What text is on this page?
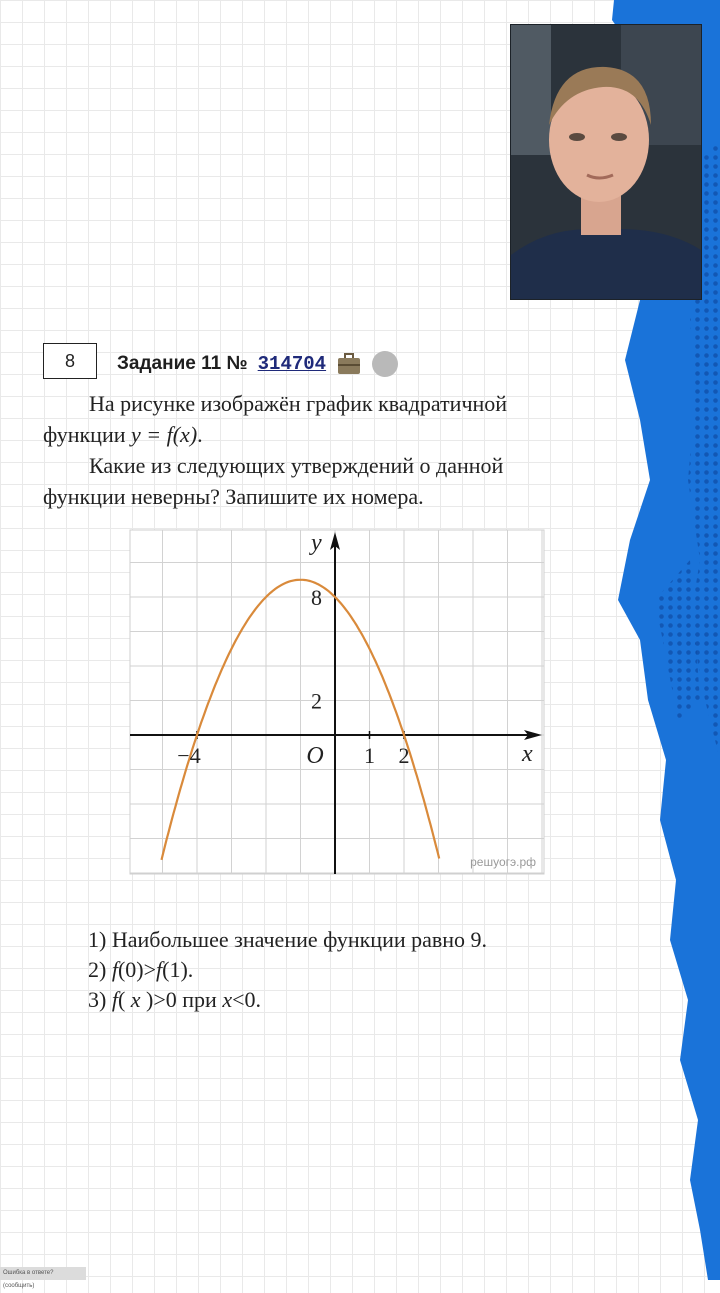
8	Задание 11 № 314704
На рисунке изображён график квадратичной
функции y = f(x).
Какие из следующих утверждений о данной
функции неверны? Запишите их номера.
y
x
8
2
−4	O 1 2
решуогэ.рф
1) Наибольшее значение функции равно 9.
2) f(0)>f(1).
3) f( x )>0 при x<0.
Ошибка в ответе? (сообщить)
